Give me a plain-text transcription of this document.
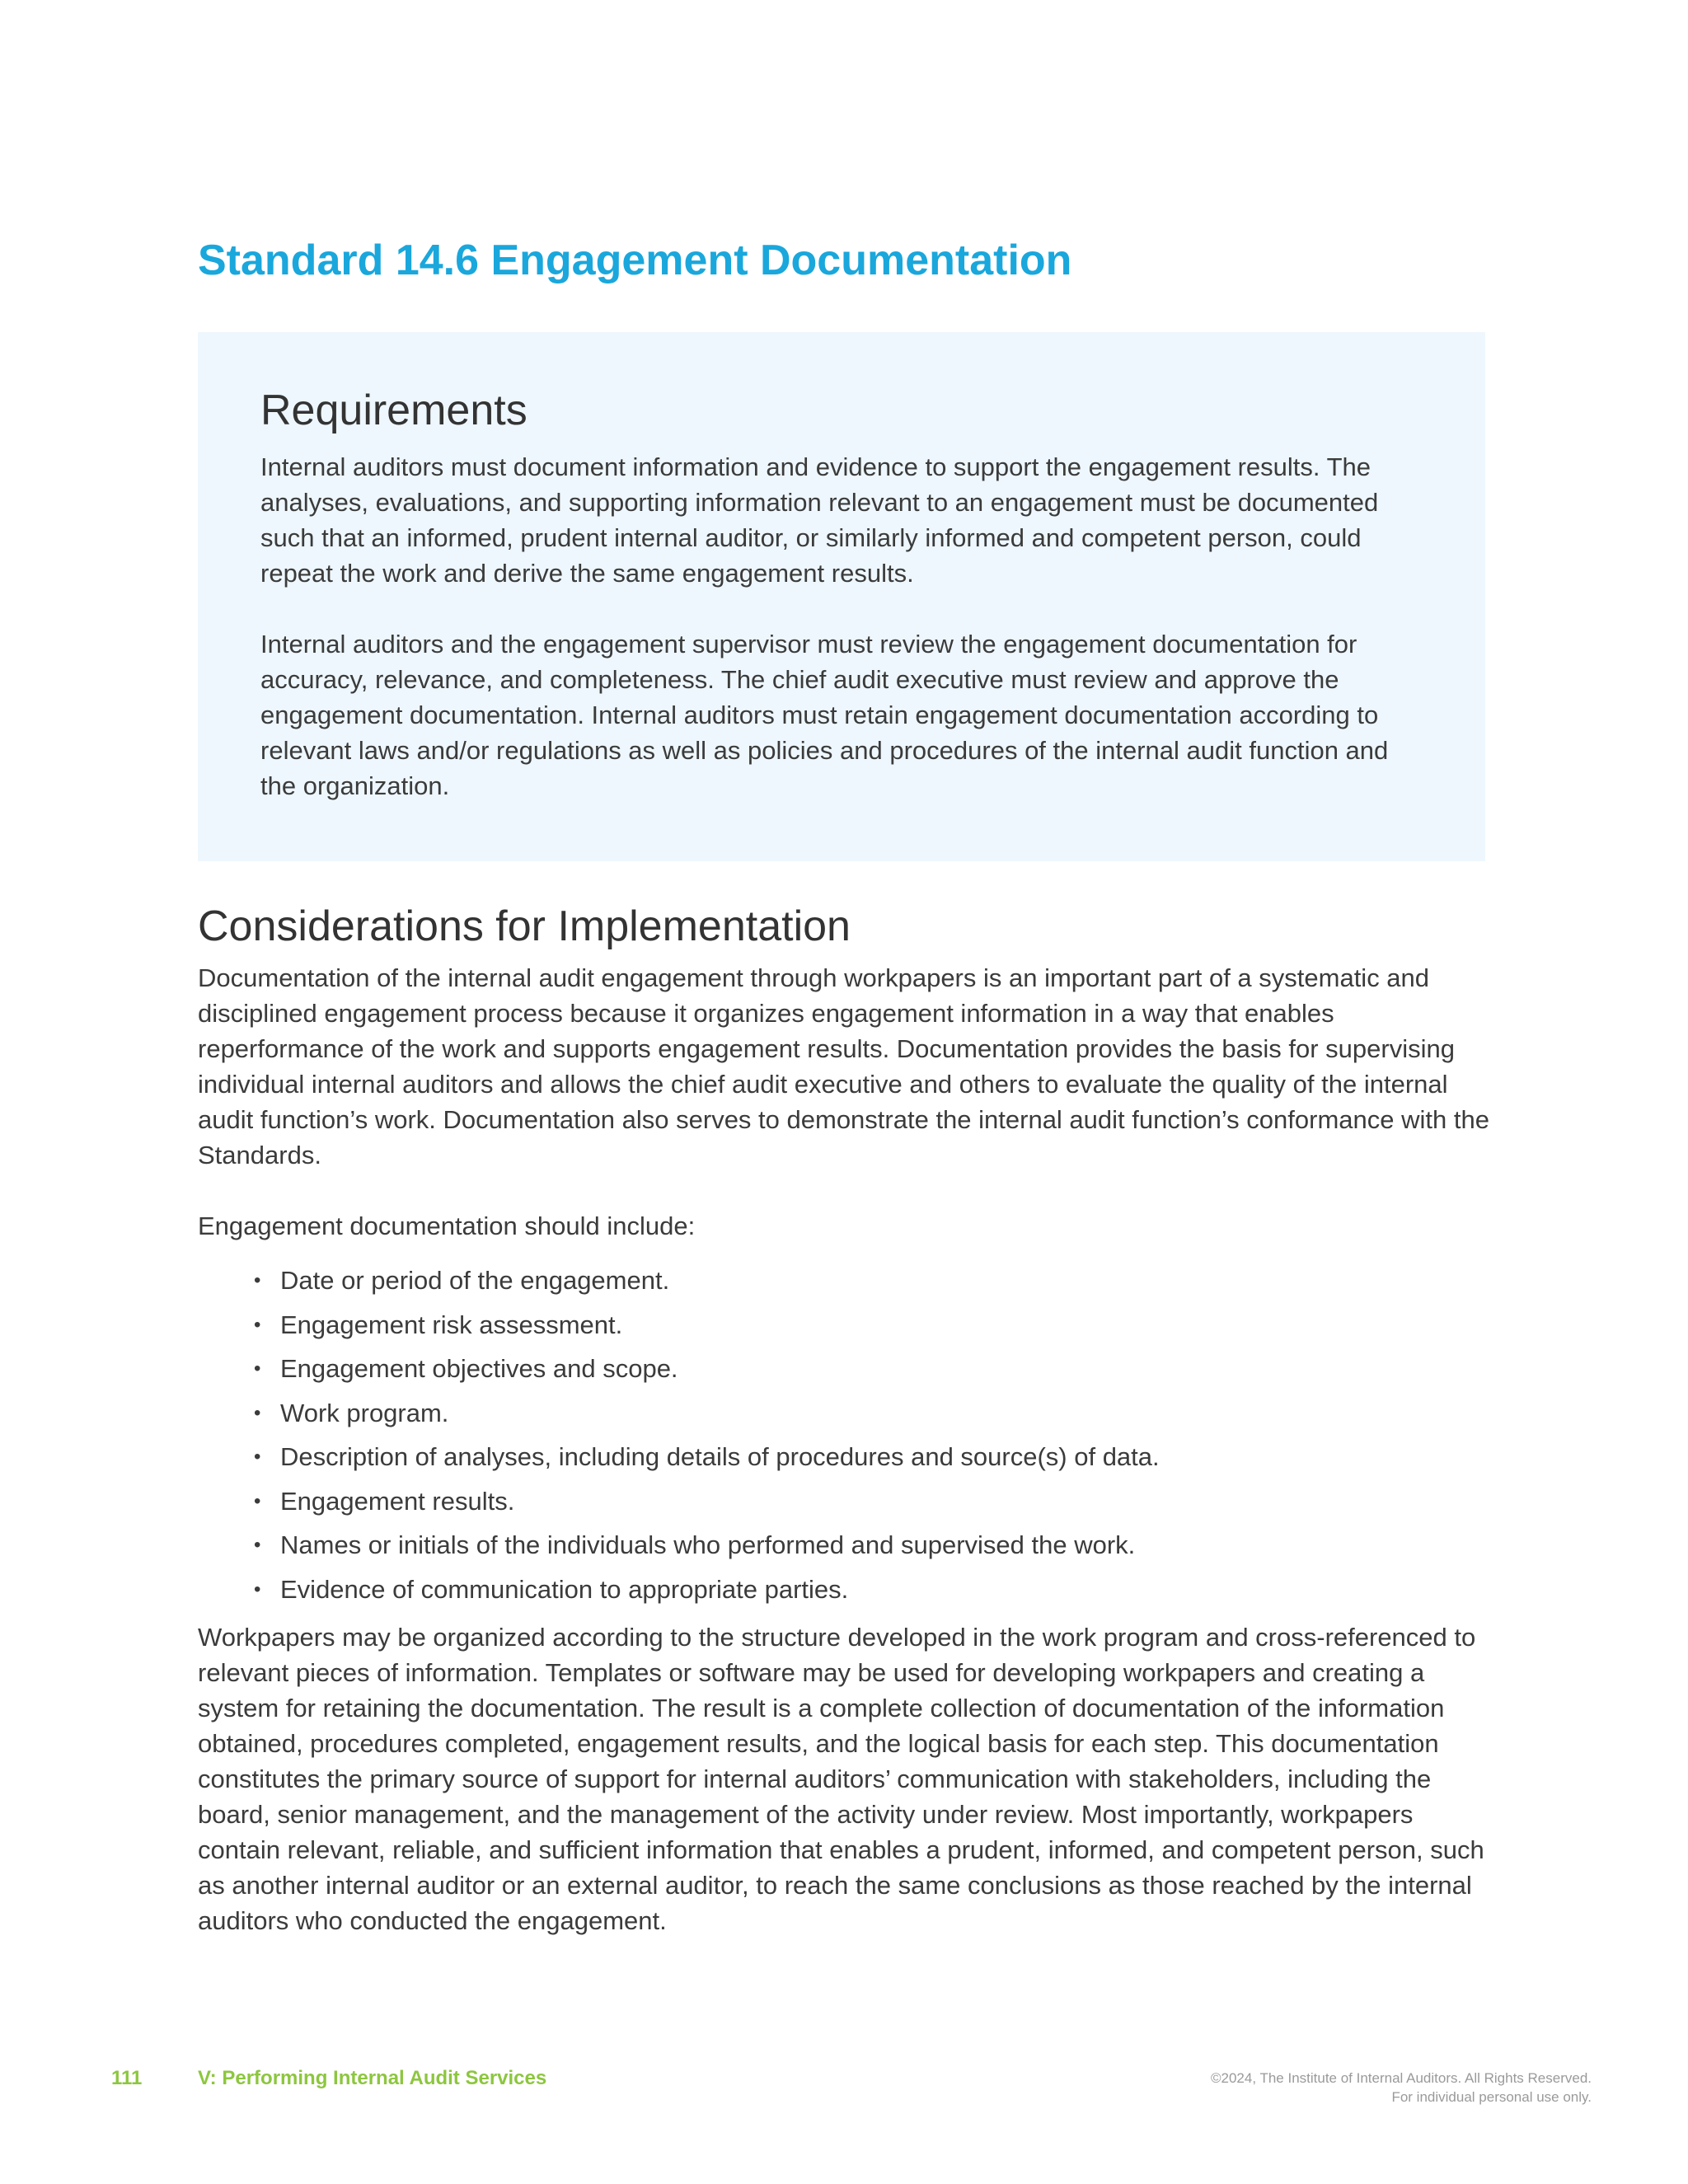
Standard 14.6 Engagement Documentation
Requirements

Internal auditors must document information and evidence to support the engagement results. The analyses, evaluations, and supporting information relevant to an engagement must be documented such that an informed, prudent internal auditor, or similarly informed and competent person, could repeat the work and derive the same engagement results.

Internal auditors and the engagement supervisor must review the engagement documentation for accuracy, relevance, and completeness. The chief audit executive must review and approve the engagement documentation. Internal auditors must retain engagement documentation according to relevant laws and/or regulations as well as policies and procedures of the internal audit function and the organization.

Considerations for Implementation

Documentation of the internal audit engagement through workpapers is an important part of a systematic and disciplined engagement process because it organizes engagement information in a way that enables reperformance of the work and supports engagement results. Documentation provides the basis for supervising individual internal auditors and allows the chief audit executive and others to evaluate the quality of the internal audit function’s work. Documentation also serves to demonstrate the internal audit function’s conformance with the Standards.

Engagement documentation should include:

• Date or period of the engagement.
• Engagement risk assessment.
• Engagement objectives and scope.
• Work program.
• Description of analyses, including details of procedures and source(s) of data.
• Engagement results.
• Names or initials of the individuals who performed and supervised the work.
• Evidence of communication to appropriate parties.

Workpapers may be organized according to the structure developed in the work program and cross-referenced to relevant pieces of information. Templates or software may be used for developing workpapers and creating a system for retaining the documentation. The result is a complete collection of documentation of the information obtained, procedures completed, engagement results, and the logical basis for each step. This documentation constitutes the primary source of support for internal auditors’ communication with stakeholders, including the board, senior management, and the management of the activity under review. Most importantly, workpapers contain relevant, reliable, and sufficient information that enables a prudent, informed, and competent person, such as another internal auditor or an external auditor, to reach the same conclusions as those reached by the internal auditors who conducted the engagement.

111	V: Performing Internal Audit Services	©2024, The Institute of Internal Auditors. All Rights Reserved.
For individual personal use only.
